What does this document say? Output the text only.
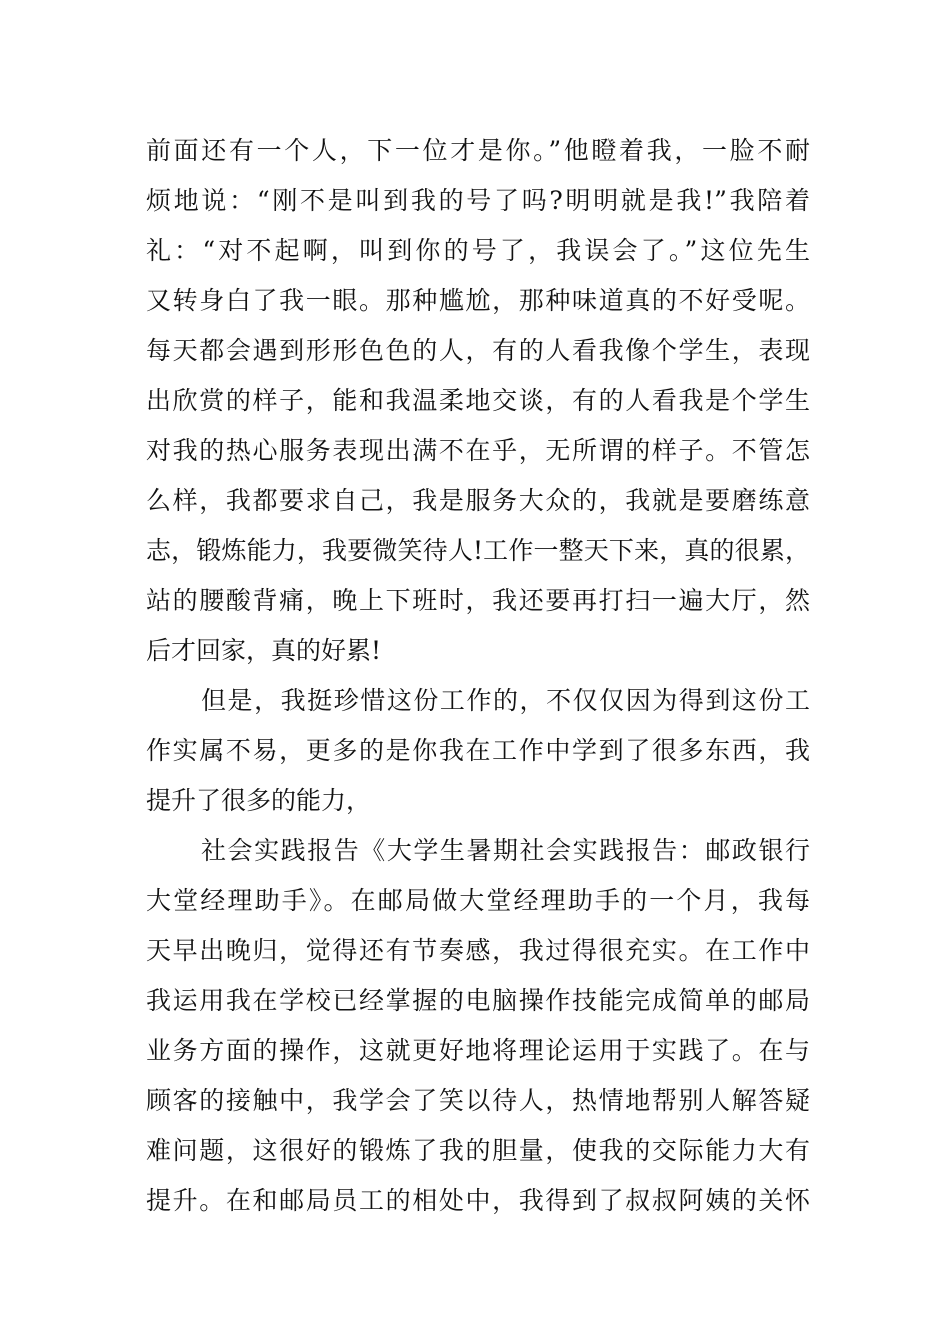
前面还有一个人，下一位才是你。”他瞪着我，一脸不耐
烦地说：“刚不是叫到我的号了吗?明明就是我!”我陪着
礼：“对不起啊，叫到你的号了，我误会了。”这位先生
又转身白了我一眼。那种尴尬，那种味道真的不好受呢。
每天都会遇到形形色色的人，有的人看我像个学生，表现
出欣赏的样子，能和我温柔地交谈，有的人看我是个学生
对我的热心服务表现出满不在乎，无所谓的样子。不管怎
么样，我都要求自己，我是服务大众的，我就是要磨练意
志，锻炼能力，我要微笑待人!工作一整天下来，真的很累，
站的腰酸背痛，晚上下班时，我还要再打扫一遍大厅，然
后才回家，真的好累!
但是，我挺珍惜这份工作的，不仅仅因为得到这份工
作实属不易，更多的是你我在工作中学到了很多东西，我
提升了很多的能力，
社会实践报告《大学生暑期社会实践报告：邮政银行
大堂经理助手》。在邮局做大堂经理助手的一个月，我每
天早出晚归，觉得还有节奏感，我过得很充实。在工作中
我运用我在学校已经掌握的电脑操作技能完成简单的邮局
业务方面的操作，这就更好地将理论运用于实践了。在与
顾客的接触中，我学会了笑以待人，热情地帮别人解答疑
难问题，这很好的锻炼了我的胆量，使我的交际能力大有
提升。在和邮局员工的相处中，我得到了叔叔阿姨的关怀
